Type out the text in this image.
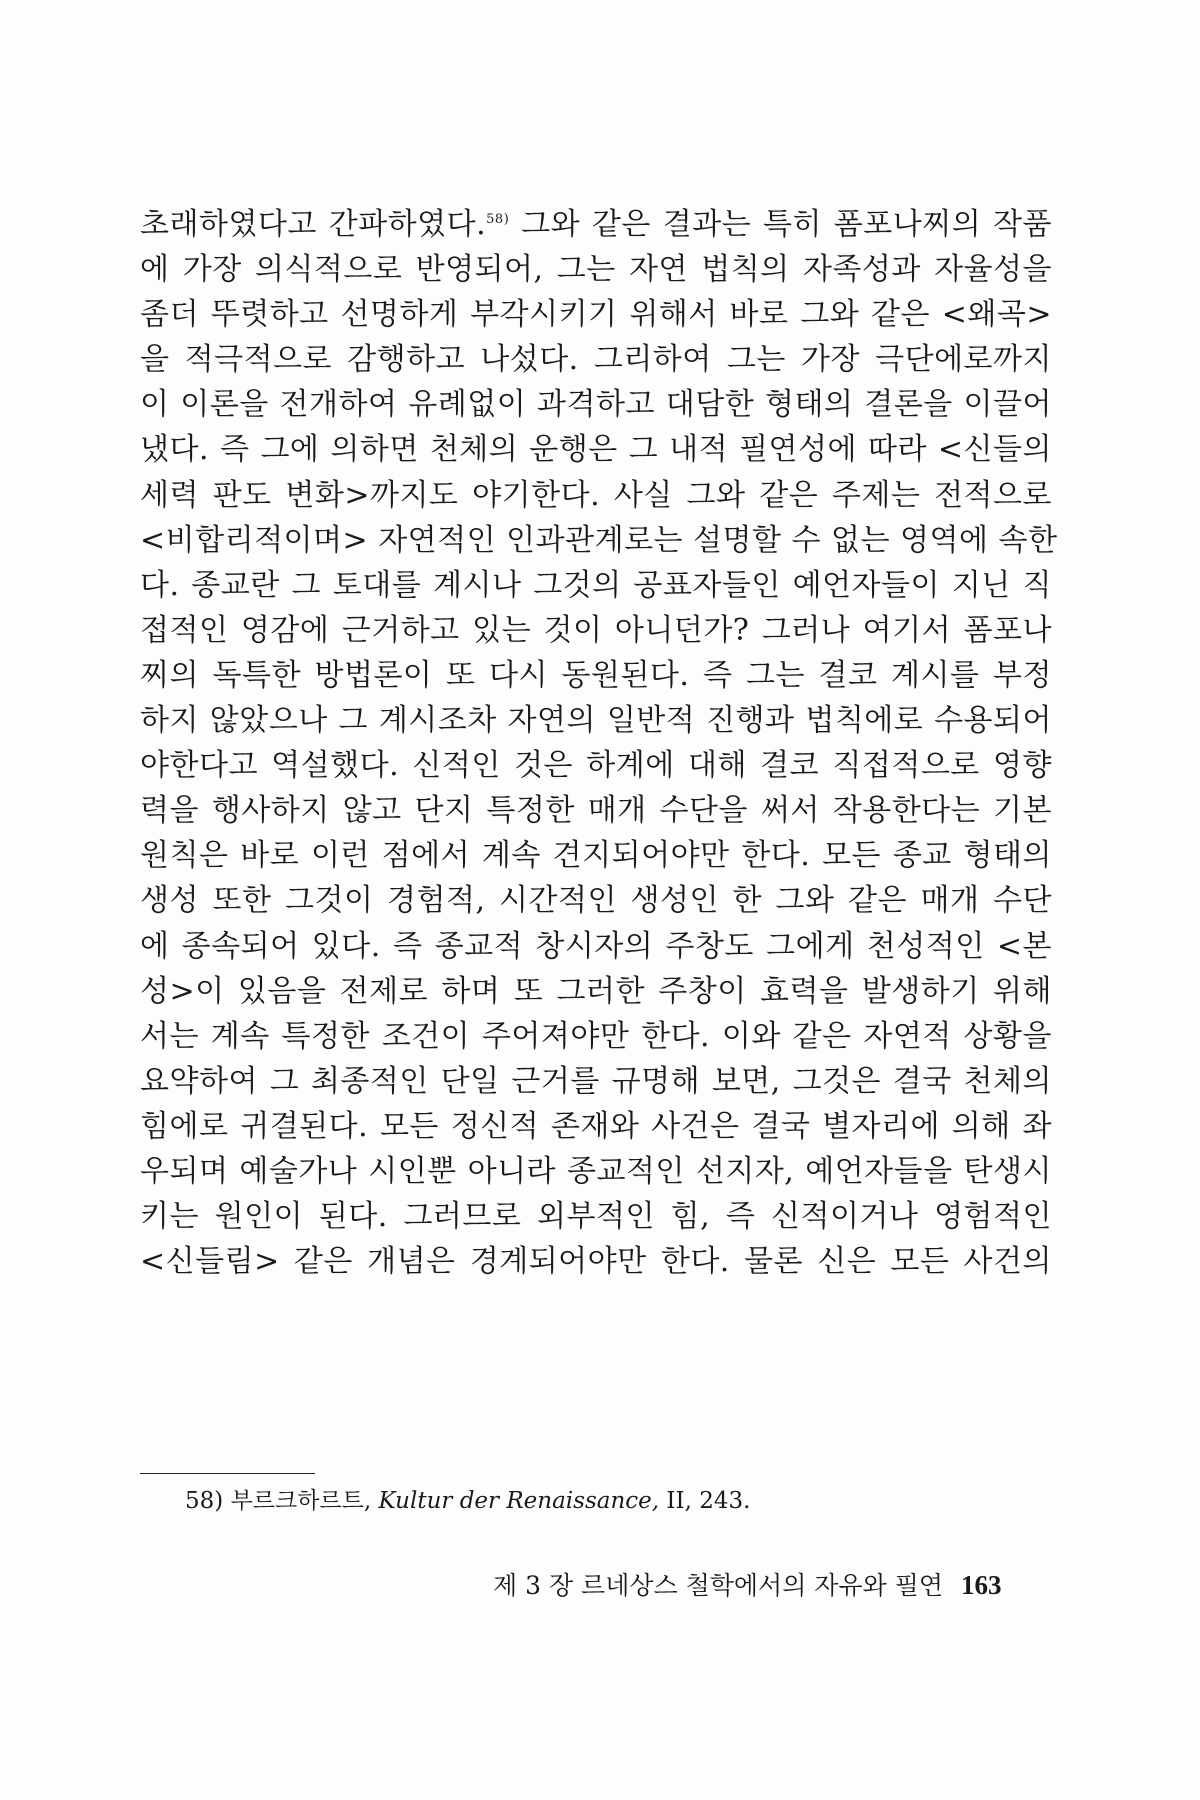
초래하였다고 간파하였다.$^{58)}$ 그와 같은 결과는 특히 폼포나찌의 작품
에 가장 의식적으로 반영되어, 그는 자연 법칙의 자족성과 자율성을
좀더 뚜렷하고 선명하게 부각시키기 위해서 바로 그와 같은 <왜곡>
을 적극적으로 감행하고 나섰다. 그리하여 그는 가장 극단에로까지
이 이론을 전개하여 유례없이 과격하고 대담한 형태의 결론을 이끌어
냈다. 즉 그에 의하면 천체의 운행은 그 내적 필연성에 따라 <신들의
세력 판도 변화>까지도 야기한다. 사실 그와 같은 주제는 전적으로
<비합리적이며> 자연적인 인과관계로는 설명할 수 없는 영역에 속한
다. 종교란 그 토대를 계시나 그것의 공표자들인 예언자들이 지닌 직
접적인 영감에 근거하고 있는 것이 아니던가? 그러나 여기서 폼포나
찌의 독특한 방법론이 또 다시 동원된다. 즉 그는 결코 계시를 부정
하지 않았으나 그 계시조차 자연의 일반적 진행과 법칙에로 수용되어
야한다고 역설했다. 신적인 것은 하계에 대해 결코 직접적으로 영향
력을 행사하지 않고 단지 특정한 매개 수단을 써서 작용한다는 기본
원칙은 바로 이런 점에서 계속 견지되어야만 한다. 모든 종교 형태의
생성 또한 그것이 경험적, 시간적인 생성인 한 그와 같은 매개 수단
에 종속되어 있다. 즉 종교적 창시자의 주창도 그에게 천성적인 <본
성>이 있음을 전제로 하며 또 그러한 주창이 효력을 발생하기 위해
서는 계속 특정한 조건이 주어져야만 한다. 이와 같은 자연적 상황을
요약하여 그 최종적인 단일 근거를 규명해 보면, 그것은 결국 천체의
힘에로 귀결된다. 모든 정신적 존재와 사건은 결국 별자리에 의해 좌
우되며 예술가나 시인뿐 아니라 종교적인 선지자, 예언자들을 탄생시
키는 원인이 된다. 그러므로 외부적인 힘, 즉 신적이거나 영험적인
<신들림> 같은 개념은 경계되어야만 한다. 물론 신은 모든 사건의
58) 부르크하르트, Kultur der Renaissance, II, 243.
제 3 장 르네상스 철학에서의 자유와 필연 163
